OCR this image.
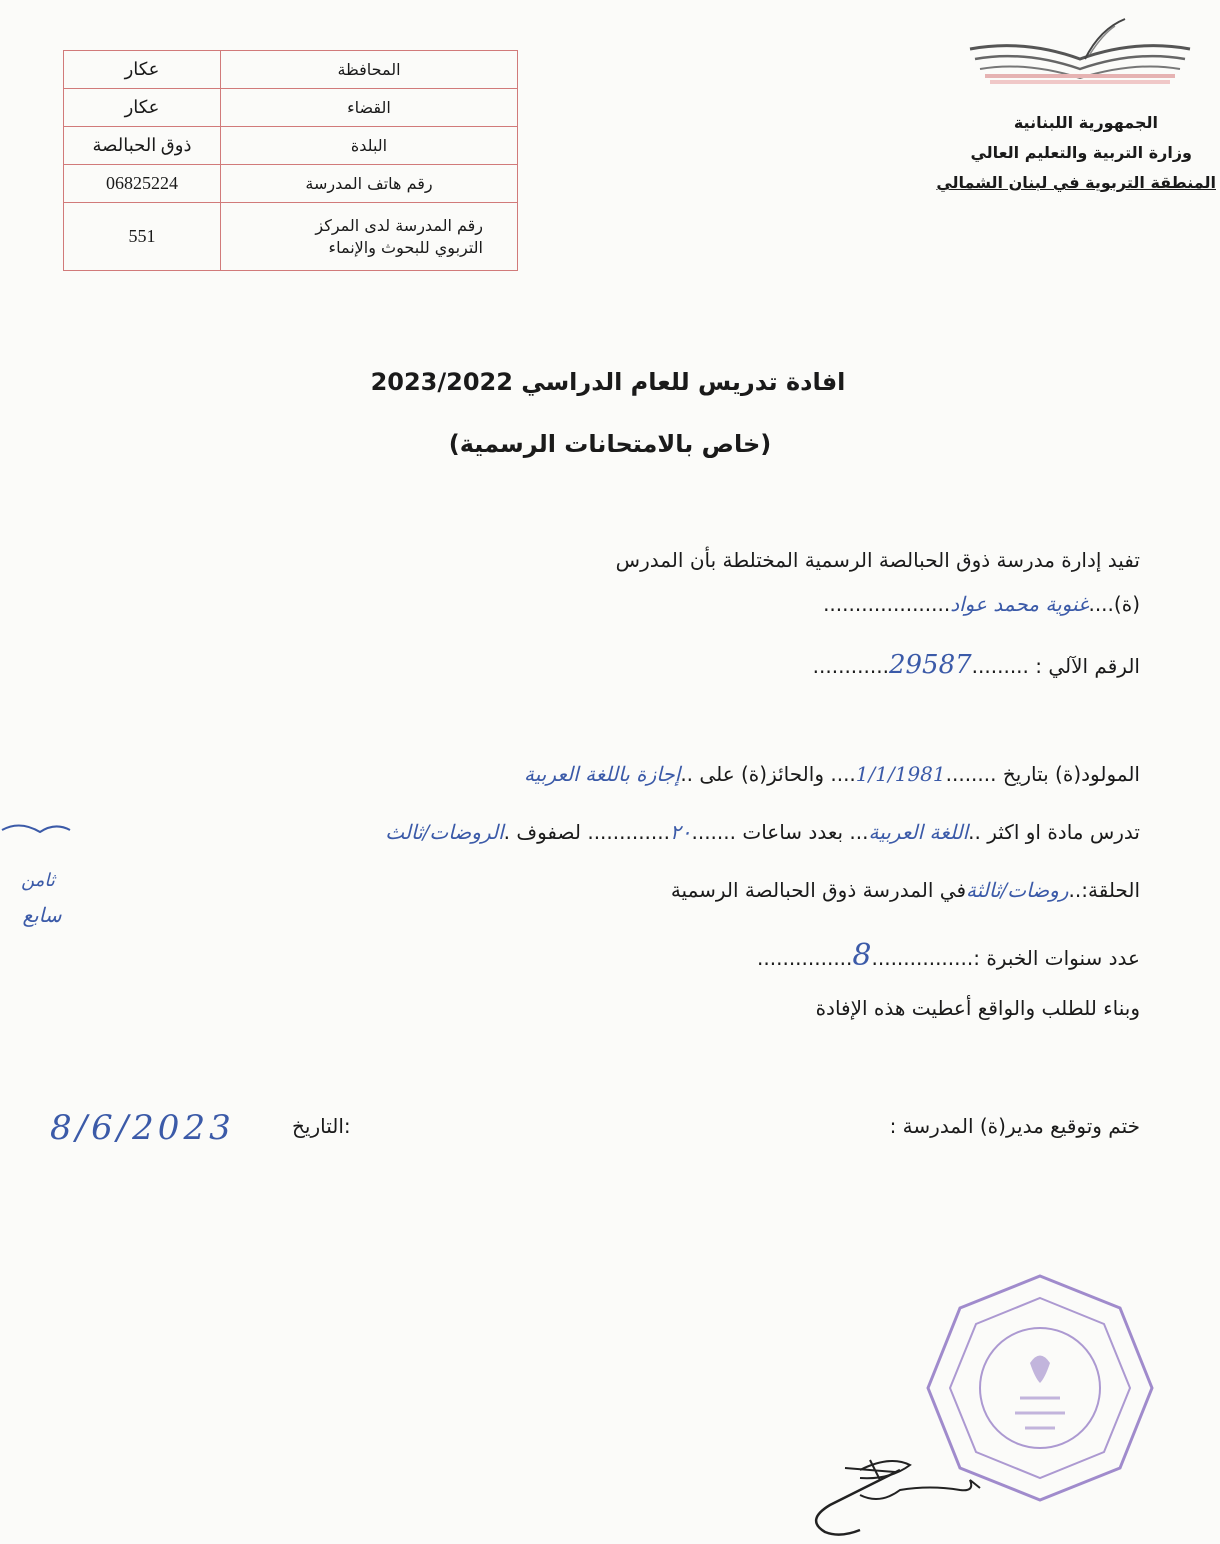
الجمهورية اللبنانية
وزارة التربية والتعليم العالي
المنطقة التربوية في لبنان الشمالي
المحافظة	عكار
القضاء	عكار
البلدة	ذوق الحبالصة
رقم هاتف المدرسة	06825224

رقم المدرسة لدى المركز
التربوي للبحوث والإنماء	551
افادة تدريس للعام الدراسي 2023/2022
(خاص بالامتحانات الرسمية)
تفيد إدارة مدرسة ذوق الحبالصة الرسمية المختلطة بأن المدرس
(ة)....غنوية محمد عواد....................
الرقم الآلي : .........29587............
المولود(ة) بتاريخ ........1/1/1981.... والحائز(ة) على ..إجازة باللغة العربية
تدرس مادة او اكثر ..اللغة العربية... بعدد ساعات .......٢٠............. لصفوف .الروضات/ثالث
الحلقة:..روضات/ثالثةفي المدرسة ذوق الحبالصة الرسمية
عدد سنوات الخبرة :................8...............
وبناء للطلب والواقع أعطيت هذه الإفادة
ثامن
سابع
ختم وتوقيع مدير(ة) المدرسة :
التاريخ:
8/6/2023
